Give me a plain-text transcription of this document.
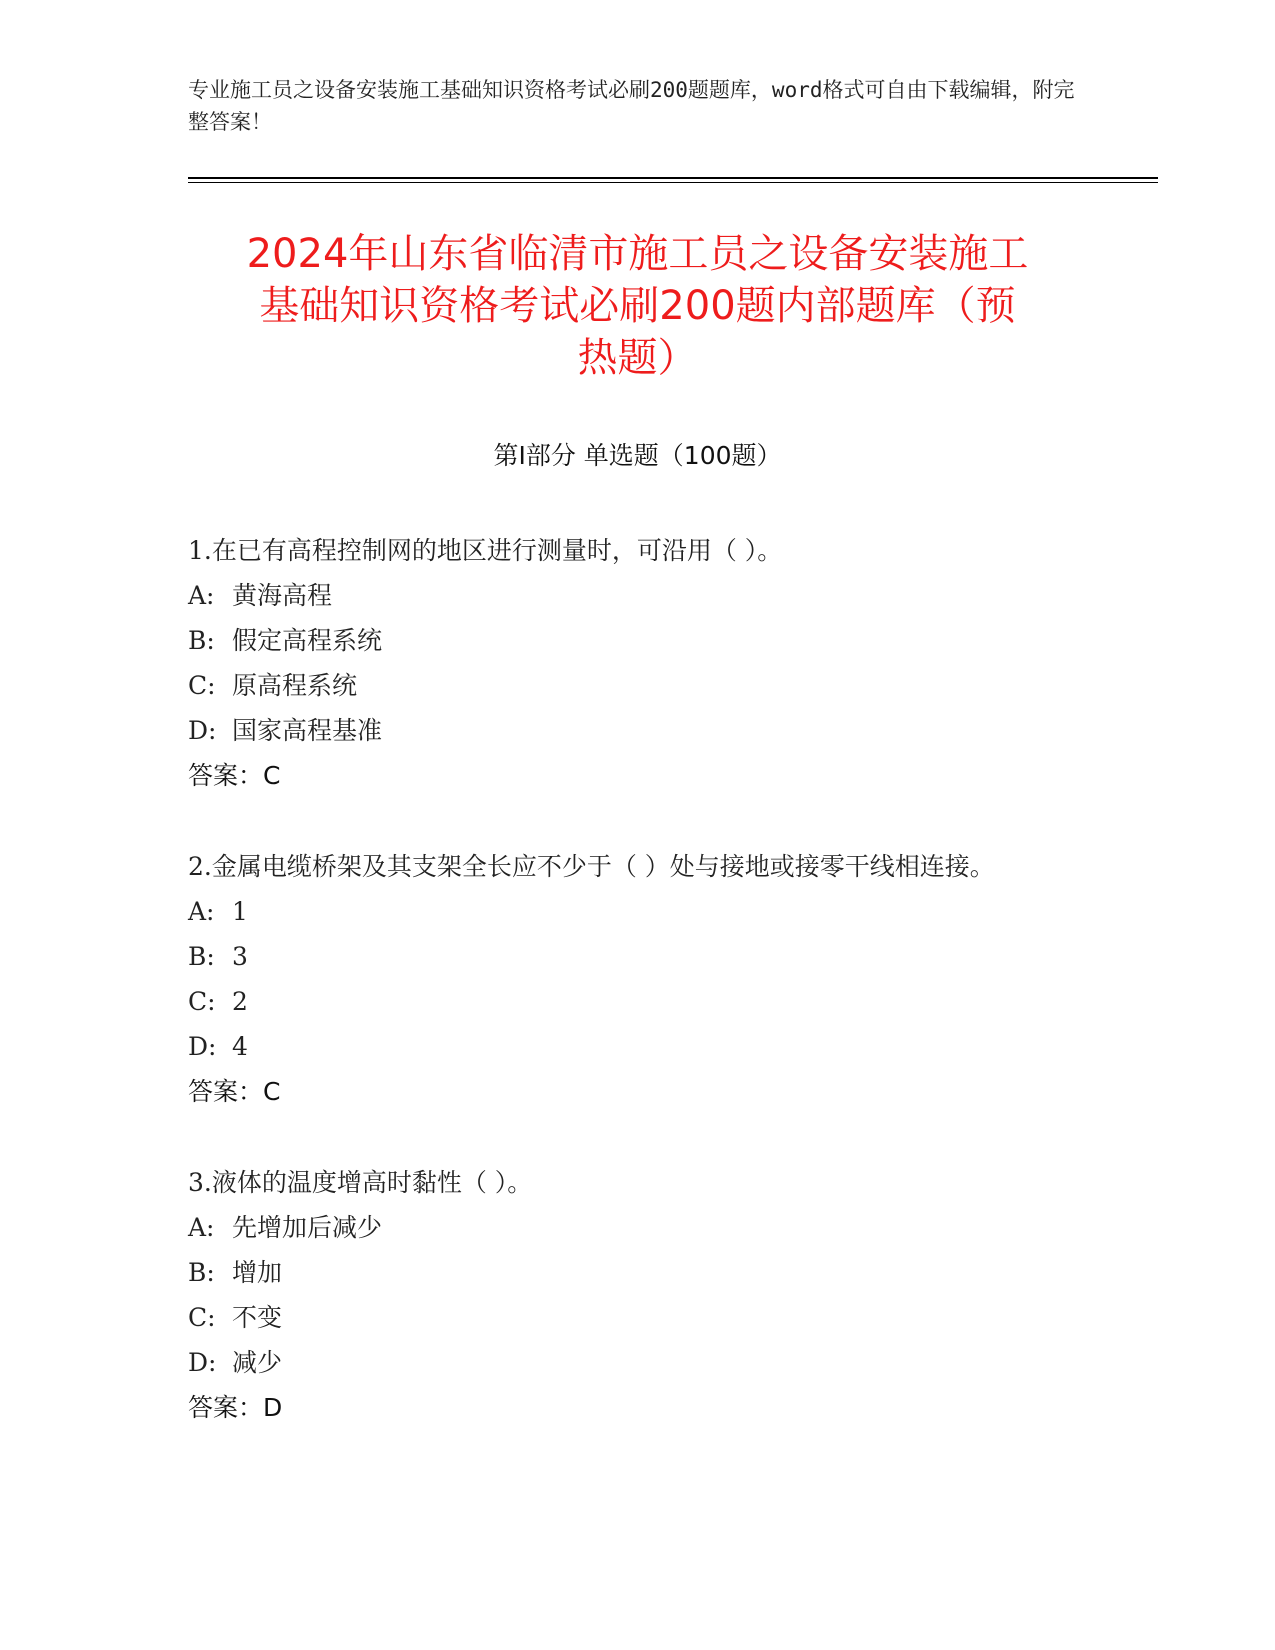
专业施工员之设备安装施工基础知识资格考试必刷200题题库，word格式可自由下载编辑，附完整答案！
2024年山东省临清市施工员之设备安装施工
基础知识资格考试必刷200题内部题库（预
热题）
第I部分 单选题（100题）
1.在已有高程控制网的地区进行测量时，可沿用（ ）。
A: 黄海高程
B: 假定高程系统
C: 原高程系统
D: 国家高程基准
答案：C
2.金属电缆桥架及其支架全长应不少于（ ）处与接地或接零干线相连接。
A: 1
B: 3
C: 2
D: 4
答案：C
3.液体的温度增高时黏性（ ）。
A: 先增加后减少
B: 增加
C: 不变
D: 减少
答案：D
